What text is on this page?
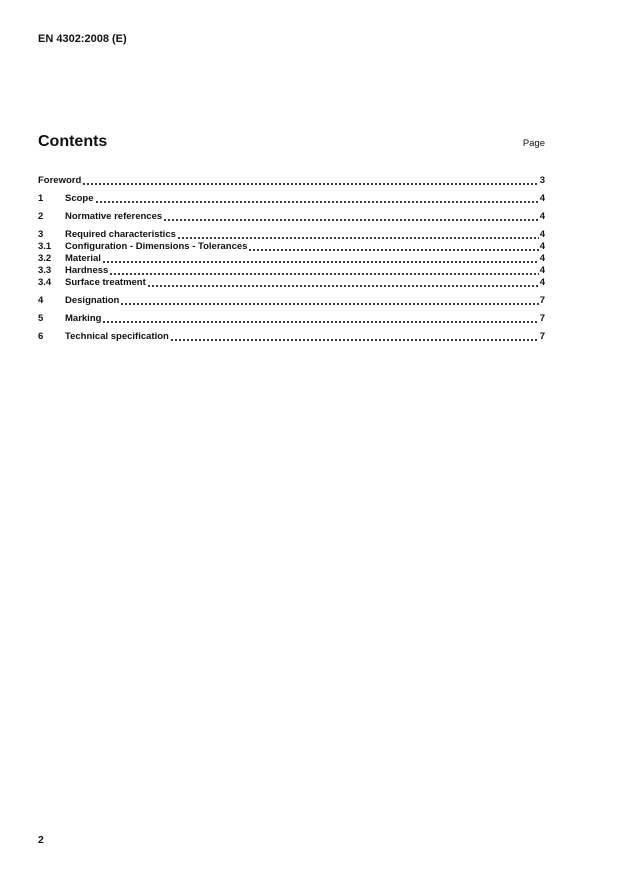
EN 4302:2008 (E)
Contents	Page
Foreword	3
1	Scope	4
2	Normative references	4
3	Required characteristics	4
3.1	Configuration - Dimensions - Tolerances	4
3.2	Material	4
3.3	Hardness	4
3.4	Surface treatment	4
4	Designation	7
5	Marking	7
6	Technical specification	7
2
